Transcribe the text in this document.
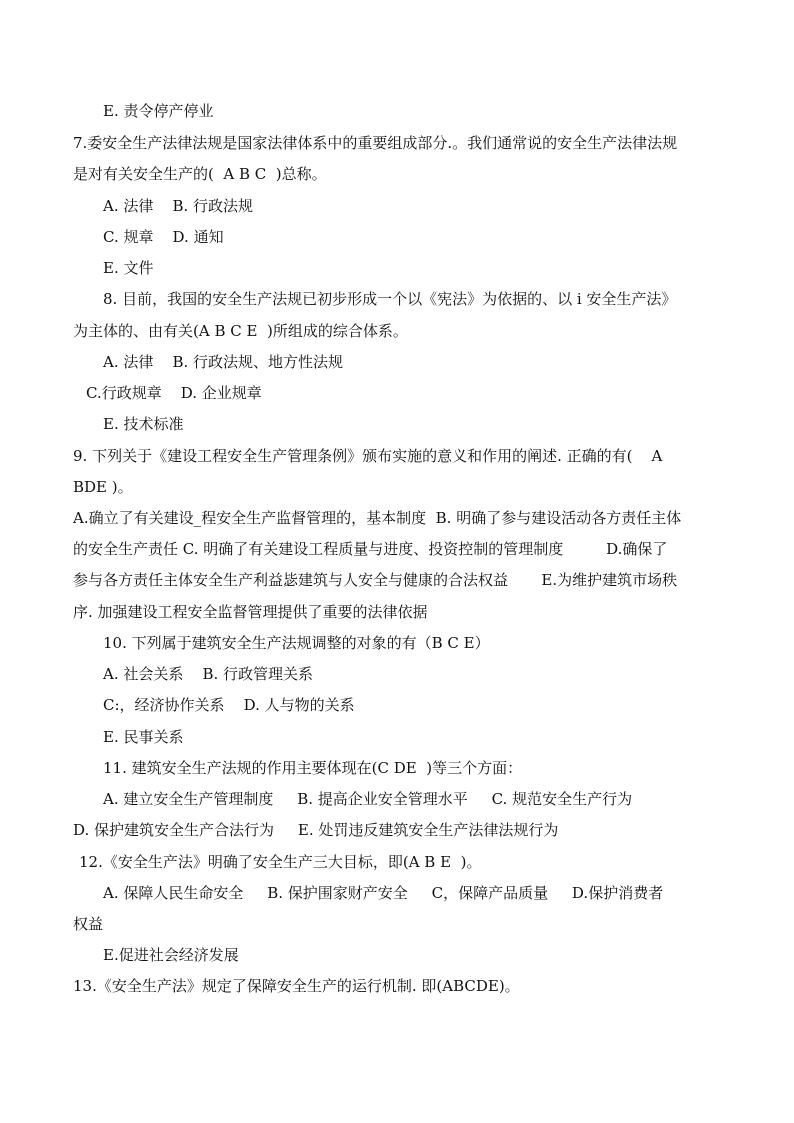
E. 责令停产停业
7.委安全生产法律法规是国家法律体系中的重要组成部分.。我们通常说的安全生产法律法规
是对有关安全生产的(  A B C  )总称。
A. 法律    B. 行政法规
C. 规章    D. 通知
E. 文件
8. 目前，我国的安全生产法规已初步形成一个以《宪法》为依据的、以 i 安全生产法》
为主体的、由有关(A B C E  )所组成的综合体系。
A. 法律    B. 行政法规、地方性法规
C.行政规章    D. 企业规章
E. 技术标准
9. 下列关于《建设工程安全生产管理条例》颁布实施的意义和作用的阐述. 正确的有(    A
BDE )。
A.确立了有关建设_程安全生产监督管理的，基本制度  B. 明确了参与建设活动各方责任主体
的安全生产责任 C. 明确了有关建设工程质量与进度、投资控制的管理制度         D.确保了
参与各方责任主体安全生产利益毖建筑与人安全与健康的合法权益       E.为维护建筑市场秩
序. 加强建设工程安全监督管理提供了重要的法律依据
10. 下列属于建筑安全生产法规调整的对象的有（B C E）
A. 社会关系    B. 行政管理关系
C:，经济协作关系    D. 人与物的关系
E. 民事关系
11. 建筑安全生产法规的作用主要体现在(C DE  )等三个方面：
A. 建立安全生产管理制度     B. 提高企业安全管理水平     C. 规范安全生产行为
D. 保护建筑安全生产合法行为     E. 处罚违反建筑安全生产法律法规行为
12.《安全生产法》明确了安全生产三大目标，即(A B E  )。
A. 保障人民生命安全     B. 保护围家财产安全     C，保障产品质量     D.保护消费者
权益
E.促进社会经济发展
13.《安全生产法》规定了保障安全生产的运行机制. 即(ABCDE)。
